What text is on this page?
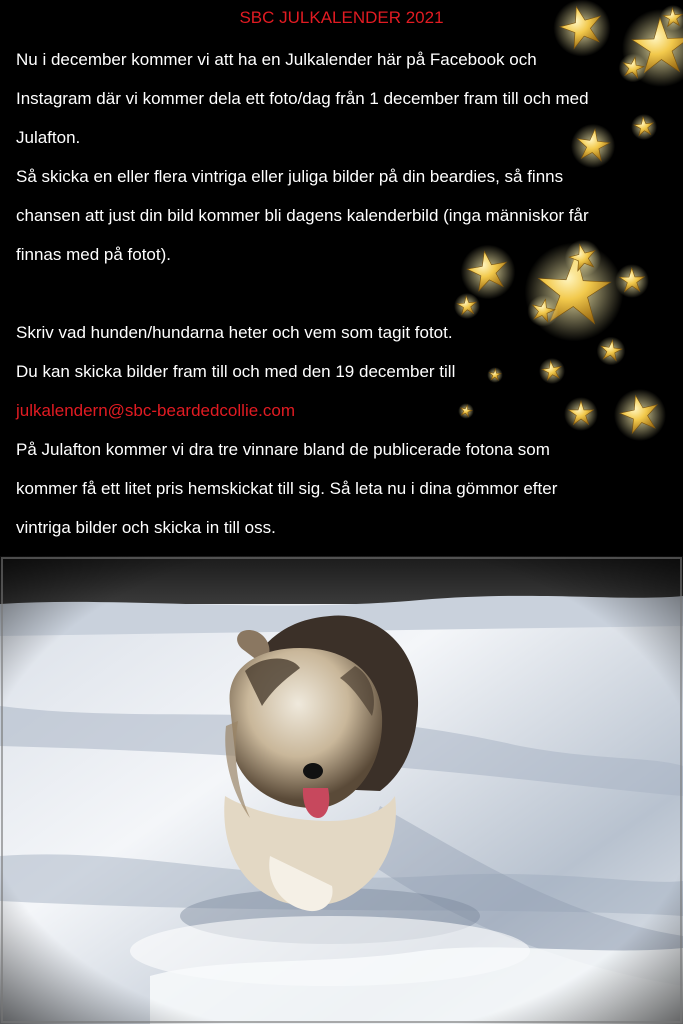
SBC JULKALENDER 2021

Nu i december kommer vi att ha en Julkalender här på Facebook och

Instagram där vi kommer dela ett foto/dag från 1 december fram till och med

Julafton.

Så skicka en eller flera vintriga eller juliga bilder på din beardies, så finns

chansen att just din bild kommer bli dagens kalenderbild (inga människor får

finnas med på fotot).

Skriv vad hunden/hundarna heter och vem som tagit fotot.

Du kan skicka bilder fram till och med den 19 december till

julkalendern@sbc-beardedcollie.com

På Julafton kommer vi dra tre vinnare bland de publicerade fotona som

kommer få ett litet pris hemskickat till sig. Så leta nu i dina gömmor efter

vintriga bilder och skicka in till oss.
